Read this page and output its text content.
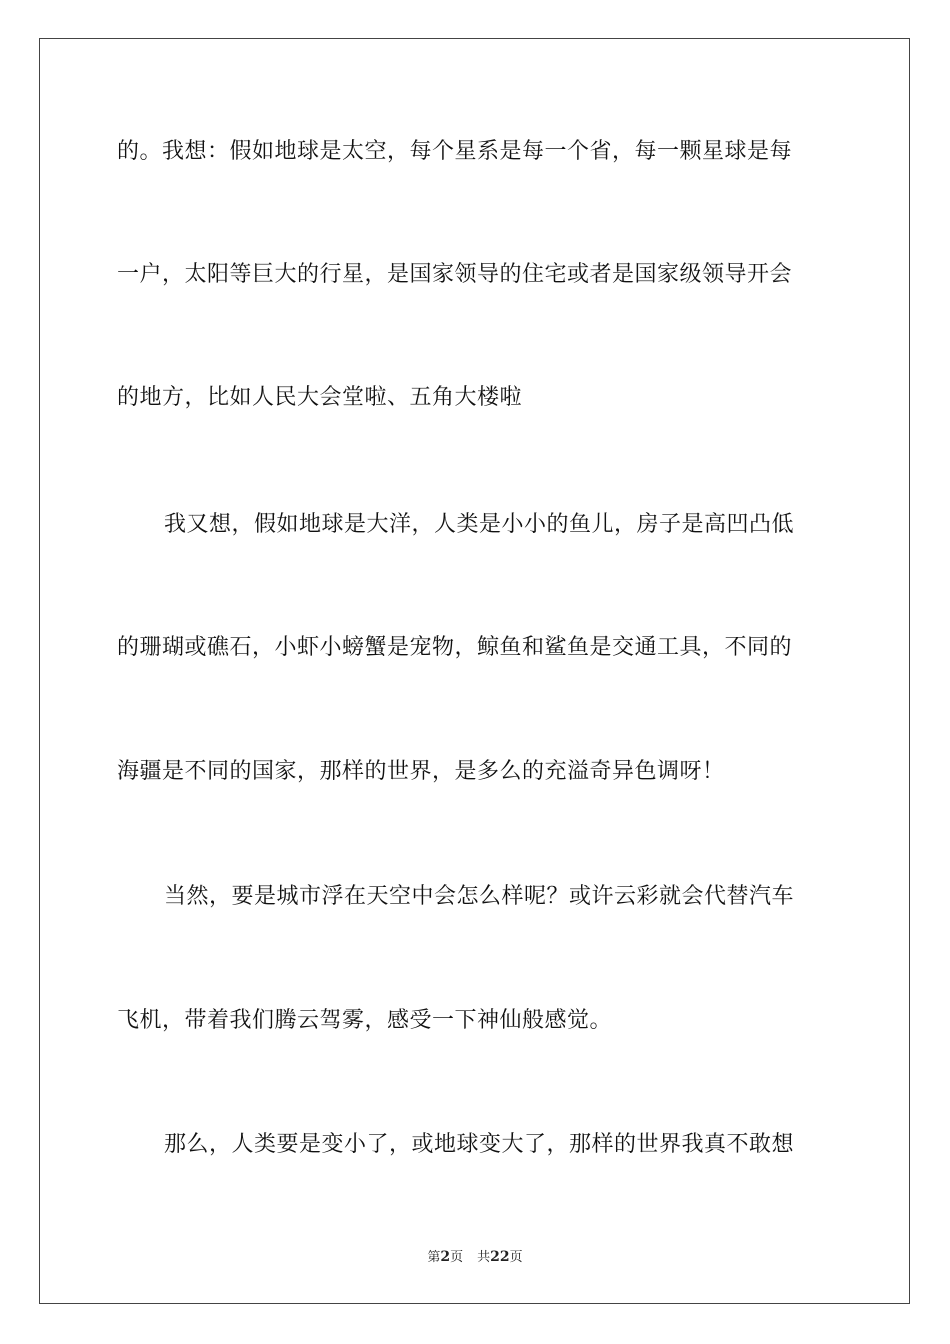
的。我想：假如地球是太空，每个星系是每一个省，每一颗星球是每
一户，太阳等巨大的行星，是国家领导的住宅或者是国家级领导开会
的地方，比如人民大会堂啦、五角大楼啦
我又想，假如地球是大洋，人类是小小的鱼儿，房子是高凹凸低
的珊瑚或礁石，小虾小螃蟹是宠物，鲸鱼和鲨鱼是交通工具，不同的
海疆是不同的国家，那样的世界，是多么的充溢奇异色调呀！
当然，要是城市浮在天空中会怎么样呢？或许云彩就会代替汽车
飞机，带着我们腾云驾雾，感受一下神仙般感觉。
那么，人类要是变小了，或地球变大了，那样的世界我真不敢想
第2页 共22页
